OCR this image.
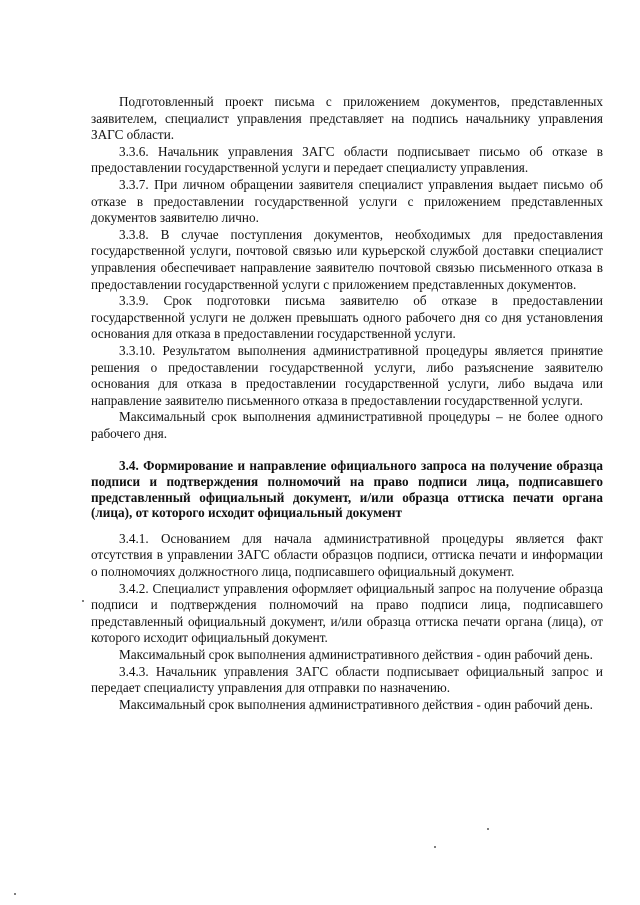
Подготовленный проект письма с приложением документов, представленных заявителем, специалист управления представляет на подпись начальнику управления ЗАГС области.

3.3.6. Начальник управления ЗАГС области подписывает письмо об отказе в предоставлении государственной услуги и передает специалисту управления.

3.3.7. При личном обращении заявителя специалист управления выдает письмо об отказе в предоставлении государственной услуги с приложением представленных документов заявителю лично.

3.3.8. В случае поступления документов, необходимых для предоставления государственной услуги, почтовой связью или курьерской службой доставки специалист управления обеспечивает направление заявителю почтовой связью письменного отказа в предоставлении государственной услуги с приложением представленных документов.

3.3.9. Срок подготовки письма заявителю об отказе в предоставлении государственной услуги не должен превышать одного рабочего дня со дня установления основания для отказа в предоставлении государственной услуги.

3.3.10. Результатом выполнения административной процедуры является принятие решения о предоставлении государственной услуги, либо разъяснение заявителю основания для отказа в предоставлении государственной услуги, либо выдача или направление заявителю письменного отказа в предоставлении государственной услуги.

Максимальный срок выполнения административной процедуры – не более одного рабочего дня.

3.4. Формирование и направление официального запроса на получение образца подписи и подтверждения полномочий на право подписи лица, подписавшего представленный официальный документ, и/или образца оттиска печати органа (лица), от которого исходит официальный документ

3.4.1. Основанием для начала административной процедуры является факт отсутствия в управлении ЗАГС области образцов подписи, оттиска печати и информации о полномочиях должностного лица, подписавшего официальный документ.

3.4.2. Специалист управления оформляет официальный запрос на получение образца подписи и подтверждения полномочий на право подписи лица, подписавшего представленный официальный документ, и/или образца оттиска печати органа (лица), от которого исходит официальный документ.

Максимальный срок выполнения административного действия - один рабочий день.

3.4.3. Начальник управления ЗАГС области подписывает официальный запрос и передает специалисту управления для отправки по назначению.

Максимальный срок выполнения административного действия - один рабочий день.
